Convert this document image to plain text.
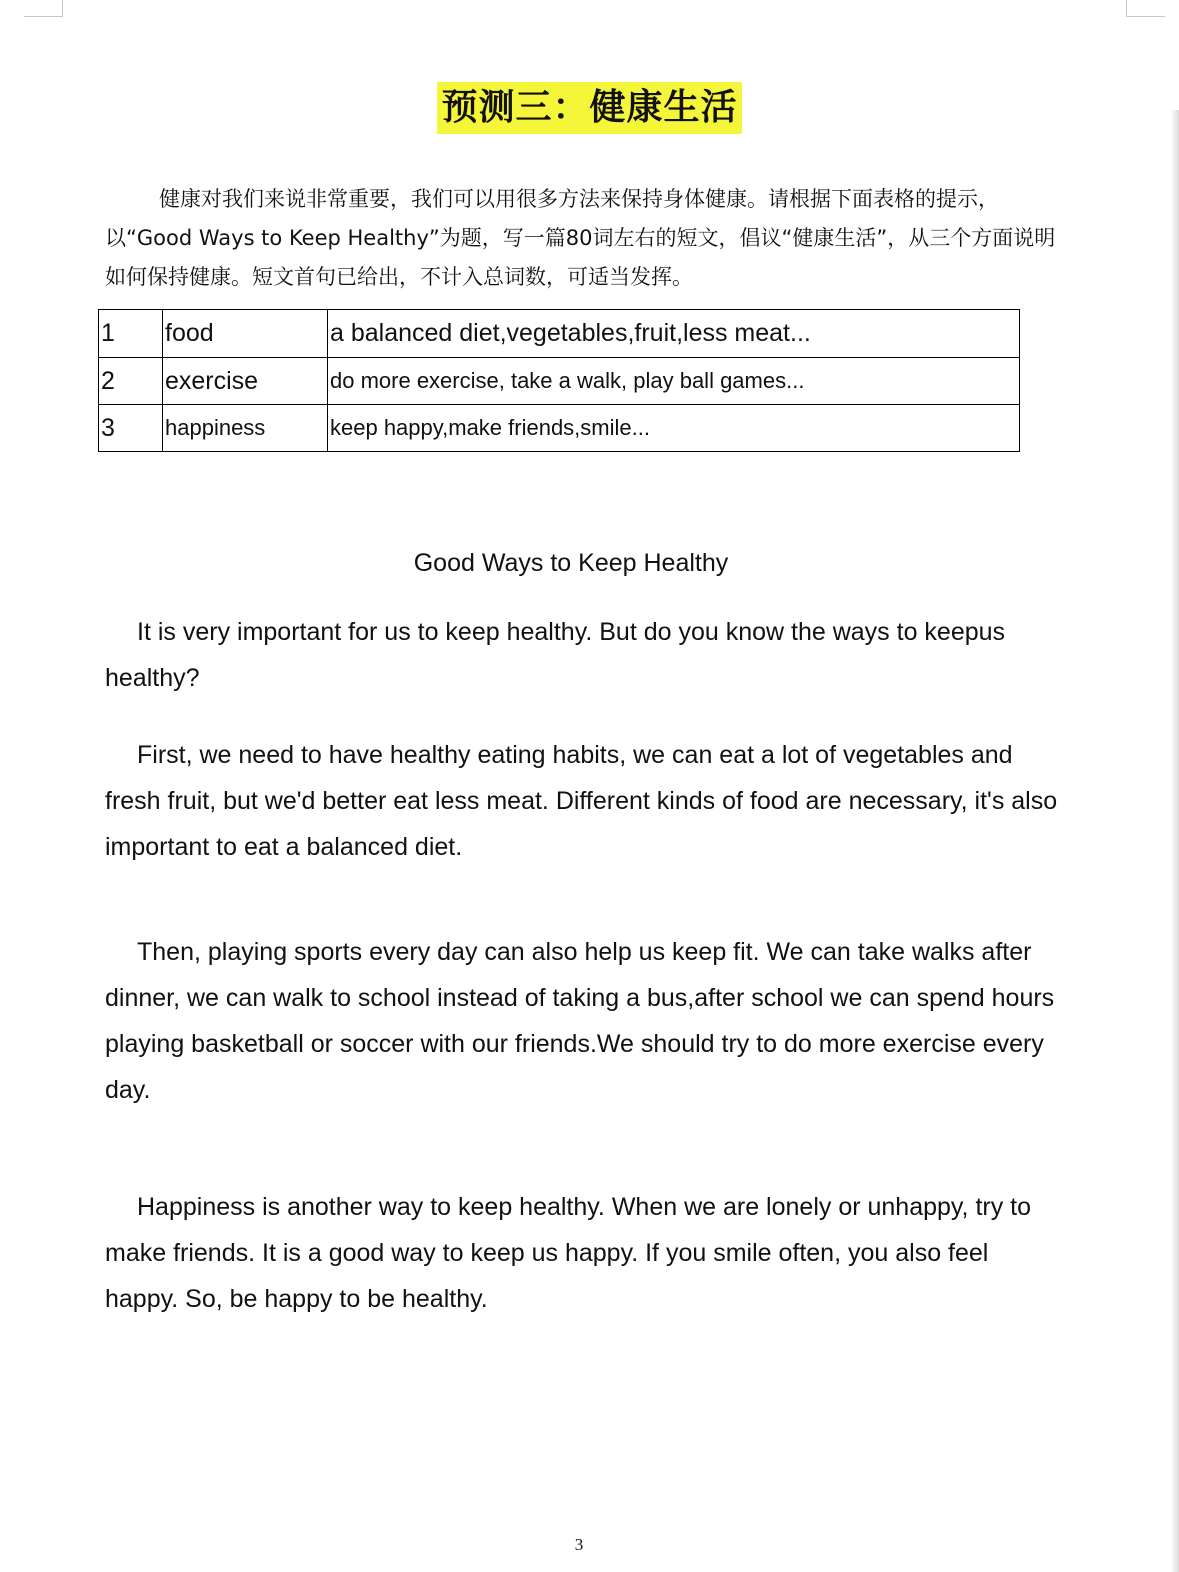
预测三：健康生活

健康对我们来说非常重要，我们可以用很多方法来保持身体健康。请根据下面表格的提示，以“Good Ways to Keep Healthy”为题，写一篇80词左右的短文，倡议“健康生活”，从三个方面说明如何保持健康。短文首句已给出，不计入总词数，可适当发挥。

1	food	a balanced diet,vegetables,fruit,less meat...
2	exercise	do more exercise, take a walk, play ball games...
3	happiness	keep happy,make friends,smile...

Good Ways to Keep Healthy

It is very important for us to keep healthy. But do you know the ways to keepus healthy?

First, we need to have healthy eating habits, we can eat a lot of vegetables and fresh fruit, but we'd better eat less meat. Different kinds of food are necessary, it's also important to eat a balanced diet.

Then, playing sports every day can also help us keep fit. We can take walks after dinner, we can walk to school instead of taking a bus,after school we can spend hours playing basketball or soccer with our friends.We should try to do more exercise every day.

Happiness is another way to keep healthy. When we are lonely or unhappy, try to make friends. It is a good way to keep us happy. If you smile often, you also feel happy. So, be happy to be healthy.

3
